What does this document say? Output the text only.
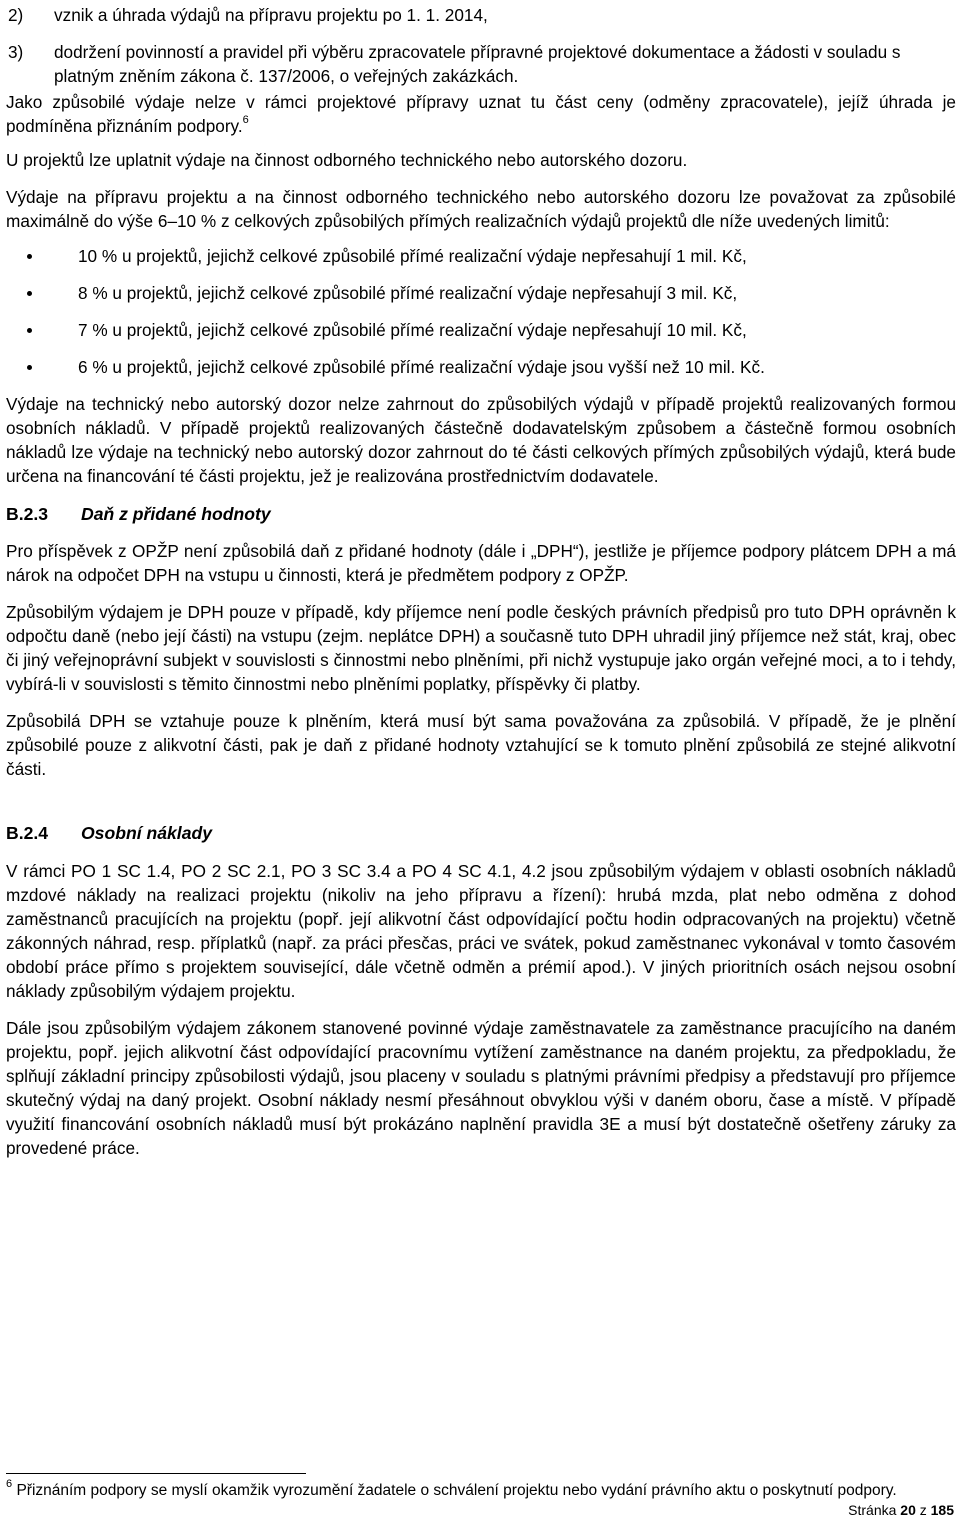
2)	vznik a úhrada výdajů na přípravu projektu po 1. 1. 2014,
3)	dodržení povinností a pravidel při výběru zpracovatele přípravné projektové dokumentace a žádosti v souladu s platným zněním zákona č. 137/2006, o veřejných zakázkách.

Jako způsobilé výdaje nelze v rámci projektové přípravy uznat tu část ceny (odměny zpracovatele), jejíž úhrada je podmíněna přiznáním podpory.$^6$

U projektů lze uplatnit výdaje na činnost odborného technického nebo autorského dozoru.

Výdaje na přípravu projektu a na činnost odborného technického nebo autorského dozoru lze považovat za způsobilé maximálně do výše 6–10 % z celkových způsobilých přímých realizačních výdajů projektů dle níže uvedených limitů:

10 % u projektů, jejichž celkové způsobilé přímé realizační výdaje nepřesahují 1 mil. Kč,
8 % u projektů, jejichž celkové způsobilé přímé realizační výdaje nepřesahují 3 mil. Kč,
7 % u projektů, jejichž celkové způsobilé přímé realizační výdaje nepřesahují 10 mil. Kč,
6 % u projektů, jejichž celkové způsobilé přímé realizační výdaje jsou vyšší než 10 mil. Kč.

Výdaje na technický nebo autorský dozor nelze zahrnout do způsobilých výdajů v případě projektů realizovaných formou osobních nákladů. V případě projektů realizovaných částečně dodavatelským způsobem a částečně formou osobních nákladů lze výdaje na technický nebo autorský dozor zahrnout do té části celkových přímých způsobilých výdajů, která bude určena na financování té části projektu, jež je realizována prostřednictvím dodavatele.

B.2.3	Daň z přidané hodnoty

Pro příspěvek z OPŽP není způsobilá daň z přidané hodnoty (dále i „DPH“), jestliže je příjemce podpory plátcem DPH a má nárok na odpočet DPH na vstupu u činnosti, která je předmětem podpory z OPŽP.

Způsobilým výdajem je DPH pouze v případě, kdy příjemce není podle českých právních předpisů pro tuto DPH oprávněn k odpočtu daně (nebo její části) na vstupu (zejm. neplátce DPH) a současně tuto DPH uhradil jiný příjemce než stát, kraj, obec či jiný veřejnoprávní subjekt v souvislosti s činnostmi nebo plněními, při nichž vystupuje jako orgán veřejné moci, a to i tehdy, vybírá-li v souvislosti s těmito činnostmi nebo plněními poplatky, příspěvky či platby.

Způsobilá DPH se vztahuje pouze k plněním, která musí být sama považována za způsobilá. V případě, že je plnění způsobilé pouze z alikvotní části, pak je daň z přidané hodnoty vztahující se k tomuto plnění způsobilá ze stejné alikvotní části.

B.2.4	Osobní náklady

V rámci PO 1 SC 1.4, PO 2 SC 2.1, PO 3 SC 3.4 a PO 4 SC 4.1, 4.2 jsou způsobilým výdajem v oblasti osobních nákladů mzdové náklady na realizaci projektu (nikoliv na jeho přípravu a řízení): hrubá mzda, plat nebo odměna z dohod zaměstnanců pracujících na projektu (popř. její alikvotní část odpovídající počtu hodin odpracovaných na projektu) včetně zákonných náhrad, resp. příplatků (např. za práci přesčas, práci ve svátek, pokud zaměstnanec vykonával v tomto časovém období práce přímo s projektem související, dále včetně odměn a prémií apod.). V jiných prioritních osách nejsou osobní náklady způsobilým výdajem projektu.

Dále jsou způsobilým výdajem zákonem stanovené povinné výdaje zaměstnavatele za zaměstnance pracujícího na daném projektu, popř. jejich alikvotní část odpovídající pracovnímu vytížení zaměstnance na daném projektu, za předpokladu, že splňují základní principy způsobilosti výdajů, jsou placeny v souladu s platnými právními předpisy a představují pro příjemce skutečný výdaj na daný projekt. Osobní náklady nesmí přesáhnout obvyklou výši v daném oboru, čase a místě. V případě využití financování osobních nákladů musí být prokázáno naplnění pravidla 3E a musí být dostatečně ošetřeny záruky za provedené práce.

$^6$ Přiznáním podpory se myslí okamžik vyrozumění žadatele o schválení projektu nebo vydání právního aktu o poskytnutí podpory.
Stránka 20 z 185
